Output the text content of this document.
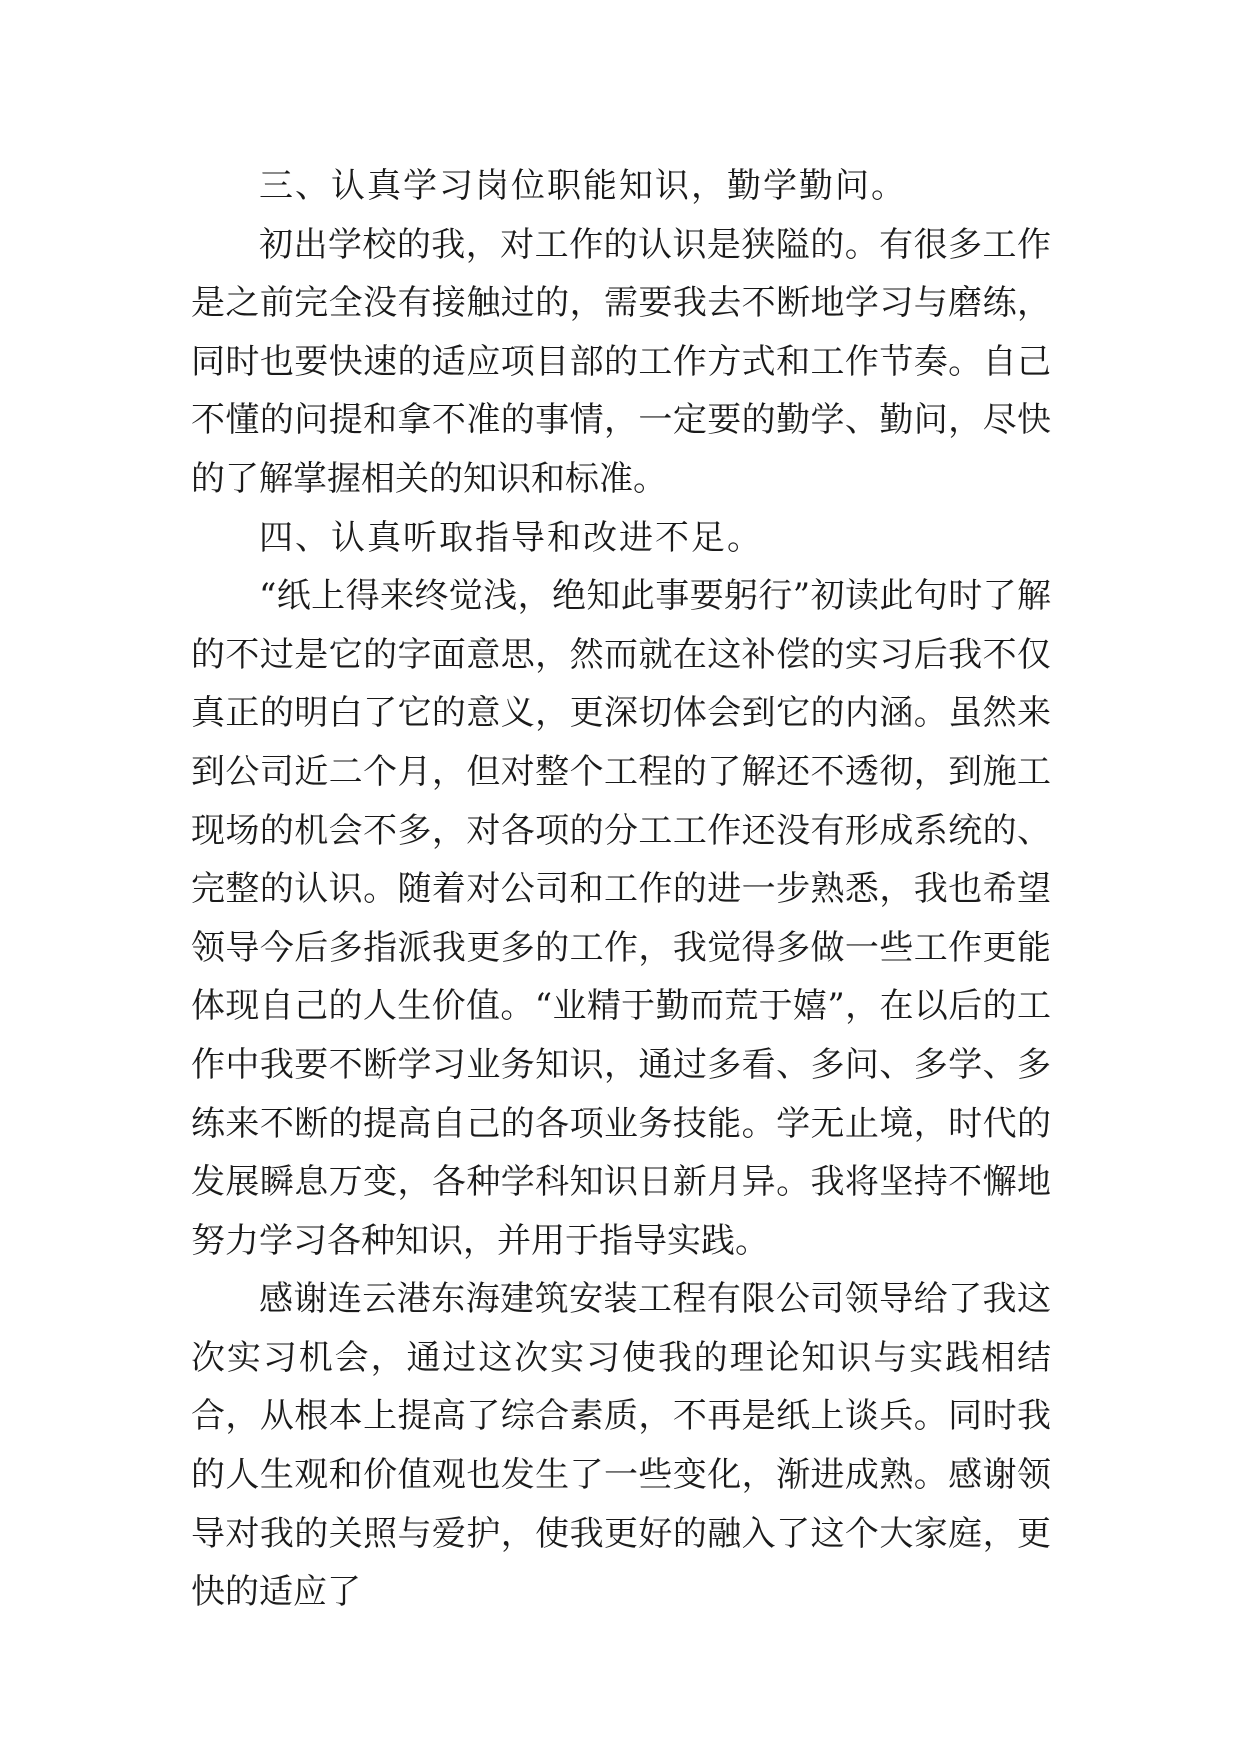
三、认真学习岗位职能知识，勤学勤问。

初出学校的我，对工作的认识是狭隘的。有很多工作是之前完全没有接触过的，需要我去不断地学习与磨练，同时也要快速的适应项目部的工作方式和工作节奏。自己不懂的问提和拿不准的事情，一定要的勤学、勤问，尽快的了解掌握相关的知识和标准。

四、认真听取指导和改进不足。

“纸上得来终觉浅，绝知此事要躬行”初读此句时了解的不过是它的字面意思，然而就在这补偿的实习后我不仅真正的明白了它的意义，更深切体会到它的内涵。虽然来到公司近二个月，但对整个工程的了解还不透彻，到施工现场的机会不多，对各项的分工工作还没有形成系统的、完整的认识。随着对公司和工作的进一步熟悉，我也希望领导今后多指派我更多的工作，我觉得多做一些工作更能体现自己的人生价值。“业精于勤而荒于嬉”，在以后的工作中我要不断学习业务知识，通过多看、多问、多学、多练来不断的提高自己的各项业务技能。学无止境，时代的发展瞬息万变，各种学科知识日新月异。我将坚持不懈地努力学习各种知识，并用于指导实践。

感谢连云港东海建筑安装工程有限公司领导给了我这次实习机会，通过这次实习使我的理论知识与实践相结合，从根本上提高了综合素质，不再是纸上谈兵。同时我的人生观和价值观也发生了一些变化，渐进成熟。感谢领导对我的关照与爱护，使我更好的融入了这个大家庭，更快的适应了
